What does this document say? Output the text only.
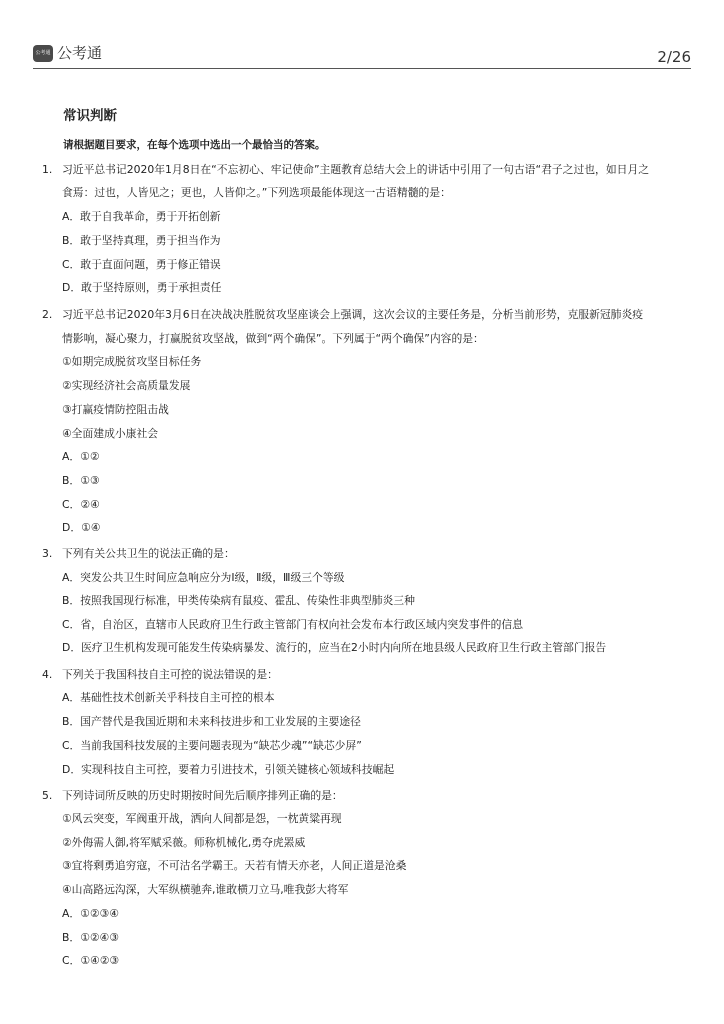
公考通 公考通	2/26
常识判断
请根据题目要求，在每个选项中选出一个最恰当的答案。
1. 习近平总书记2020年1月8日在“不忘初心、牢记使命”主题教育总结大会上的讲话中引用了一句古语“君子之过也，如日月之
食焉：过也，人皆见之；更也，人皆仰之。”下列选项最能体现这一古语精髓的是：
A．敢于自我革命，勇于开拓创新
B．敢于坚持真理，勇于担当作为
C．敢于直面问题，勇于修正错误
D．敢于坚持原则，勇于承担责任
2. 习近平总书记2020年3月6日在决战决胜脱贫攻坚座谈会上强调，这次会议的主要任务是，分析当前形势，克服新冠肺炎疫
情影响，凝心聚力，打赢脱贫攻坚战，做到“两个确保”。下列属于“两个确保”内容的是：
①如期完成脱贫攻坚目标任务
②实现经济社会高质量发展
③打赢疫情防控阻击战
④全面建成小康社会
A．①②
B．①③
C．②④
D．①④
3. 下列有关公共卫生的说法正确的是：
A．突发公共卫生时间应急响应分为Ⅰ级，Ⅱ级，Ⅲ级三个等级
B．按照我国现行标准，甲类传染病有鼠疫、霍乱、传染性非典型肺炎三种
C．省，自治区，直辖市人民政府卫生行政主管部门有权向社会发布本行政区域内突发事件的信息
D．医疗卫生机构发现可能发生传染病暴发、流行的，应当在2小时内向所在地县级人民政府卫生行政主管部门报告
4. 下列关于我国科技自主可控的说法错误的是：
A．基础性技术创新关乎科技自主可控的根本
B．国产替代是我国近期和未来科技进步和工业发展的主要途径
C．当前我国科技发展的主要问题表现为“缺芯少魂”“缺芯少屏”
D．实现科技自主可控，要着力引进技术，引领关键核心领域科技崛起
5. 下列诗词所反映的历史时期按时间先后顺序排列正确的是：
①风云突变，军阀重开战，洒向人间都是怨，一枕黄粱再现
②外侮需人御,将军赋采薇。师称机械化,勇夺虎罴威
③宜将剩勇追穷寇，不可沽名学霸王。天若有情天亦老，人间正道是沧桑
④山高路远沟深，大军纵横驰奔,谁敢横刀立马,唯我彭大将军
A．①②③④
B．①②④③
C．①④②③
